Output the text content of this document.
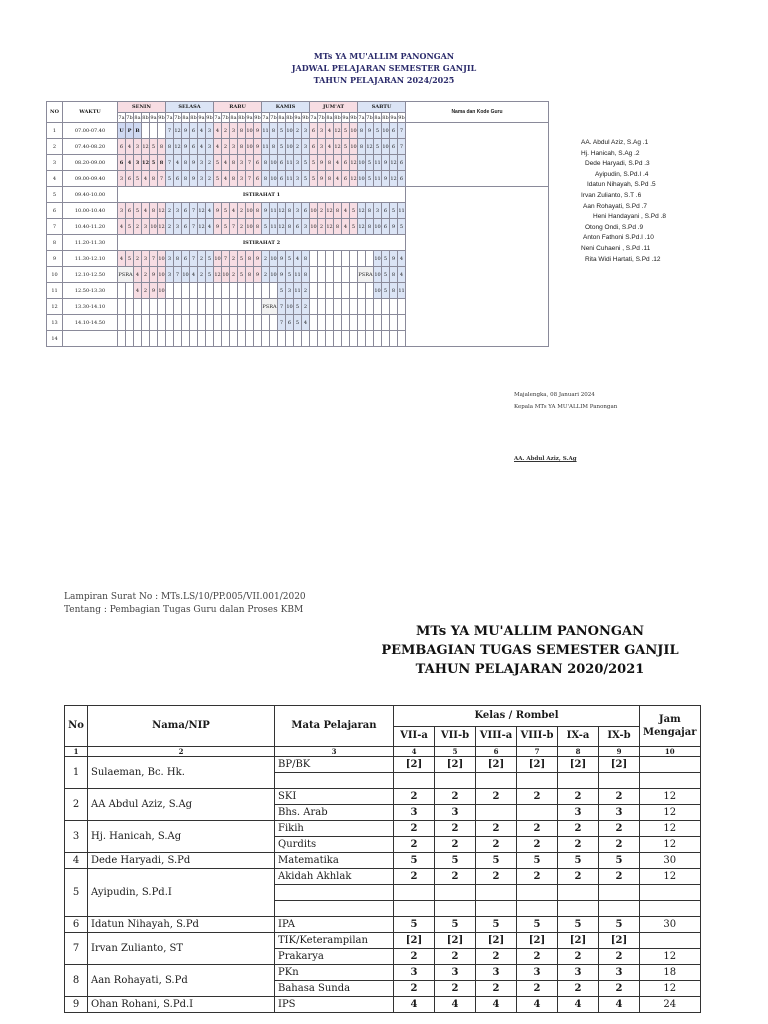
MTs YA MU'ALLIM PANONGAN
JADWAL PELAJARAN SEMESTER GANJIL
TAHUN PELAJARAN 2024/2025
NO	WAKTU	SENIN						SELASA						RABU						KAMIS						JUM'AT						SABTU						Nama dan Kode Guru
		7a	7b	8a	8b	9a	9b	7a	7b	8a	8b	9a	9b	7a	7b	8a	8b	9a	9b	7a	7b	8a	8b	9a	9b	7a	7b	8a	8b	9a	9b	7a	7b	8a	8b	9a	9b	
1	07.00-07.40	U	P	B				7	12	9	6	4	3	4	2	3	8	10	9	11	8	5	10	2	3	6	3	4	12	5	10	8	9	5	10	6	7	
2	07.40-08.20	6	4	3	12	5	8	8	12	9	6	4	3	4	2	3	8	10	9	11	8	5	10	2	3	6	3	4	12	5	10	8	12	5	10	6	7	
3	08.20-09.00	6	4	3	12	5	8	7	4	8	9	3	2	5	4	8	3	7	6	8	10	6	11	3	5	5	9	8	4	6	12	10	5	11	9	12	6	
4	09.00-09.40	3	6	5	4	8	7	5	6	8	9	3	2	5	4	8	3	7	6	8	10	6	11	3	5	5	9	8	4	6	12	10	5	11	9	12	6	
5	09.40-10.00	ISTIRAHAT 1																																				
6	10.00-10.40	3	6	5	4	8	12	2	3	6	7	12	4	9	5	4	2	10	8	9	11	12	8	3	6	10	2	12	8	4	5	12	8	3	6	5	11	
7	10.40-11.20	4	5	2	3	10	12	2	3	6	7	12	4	9	5	7	2	10	8	5	11	12	8	6	3	10	2	12	8	4	5	12	8	10	6	9	5	
8	11.20-11.30	ISTIRAHAT 2																																				
9	11.30-12.10	4	5	2	3	7	10	3	8	6	7	2	5	10	7	2	5	8	9	2	10	9	5	4	8									10	5	9	4	
10	12.10-12.50	PSRA		4	2	9	10	3	7	10	4	2	5	12	10	2	5	8	9	2	10	9	5	11	8							PSRA		10	5	8	4	
11	12.50-13.30			4	2	9	10															5	3	11	2									10	5	8	11	
12	13.30-14.10																			PSRA		7	10	5	2													
13	14.10-14.50																					7	6	5	4													
14																																						
AA. Abdul Aziz, S.Ag .1
Hj. Hanicah, S.Ag .2
Dede Haryadi, S.Pd .3
Ayipudin, S.Pd.I .4
Idatun Nihayah, S.Pd .5
Irvan Zulianto, S.T .6
Aan Rohayati, S.Pd .7
Heni Handayani , S.Pd .8
Otong Ondi, S.Pd .9
Anton Fathoni S.Pd.I .10
Neni Cuhaeni , S.Pd .11
Rita Widi Hartati, S.Pd .12
Majalengka, 08 Januari 2024
Kepala MTs YA MU'ALLIM Panongan
AA. Abdul Aziz, S.Ag
Lampiran Surat No : MTs.LS/10/PP.005/VII.001/2020
Tentang : Pembagian Tugas Guru dalan Proses KBM
MTs YA MU'ALLIM PANONGAN
PEMBAGIAN TUGAS SEMESTER GANJIL
TAHUN PELAJARAN 2020/2021
No	Nama/NIP	Mata Pelajaran	Kelas / Rombel						Jam Mengajar
			VII-a	VII-b	VIII-a	VIII-b	IX-a	IX-b	
1	2	3	4	5	6	7	8	9	10
1	Sulaeman, Bc. Hk.	BP/BK	[2]	[2]	[2]	[2]	[2]	[2]	

2	AA Abdul Aziz, S.Ag	SKI	2	2	2	2	2	2	12
		Bhs. Arab	3	3			3	3	12
3	Hj. Hanicah, S.Ag	Fikih	2	2	2	2	2	2	12
		Qurdits	2	2	2	2	2	2	12
4	Dede Haryadi, S.Pd	Matematika	5	5	5	5	5	5	30
5	Ayipudin, S.Pd.I	Akidah Akhlak	2	2	2	2	2	2	12

6	Idatun Nihayah, S.Pd	IPA	5	5	5	5	5	5	30
7	Irvan Zulianto, ST	TIK/Keterampilan	[2]	[2]	[2]	[2]	[2]	[2]	
		Prakarya	2	2	2	2	2	2	12
8	Aan Rohayati, S.Pd	PKn	3	3	3	3	3	3	18
		Bahasa Sunda	2	2	2	2	2	2	12
9	Ohan Rohani, S.Pd.I	IPS	4	4	4	4	4	4	24
